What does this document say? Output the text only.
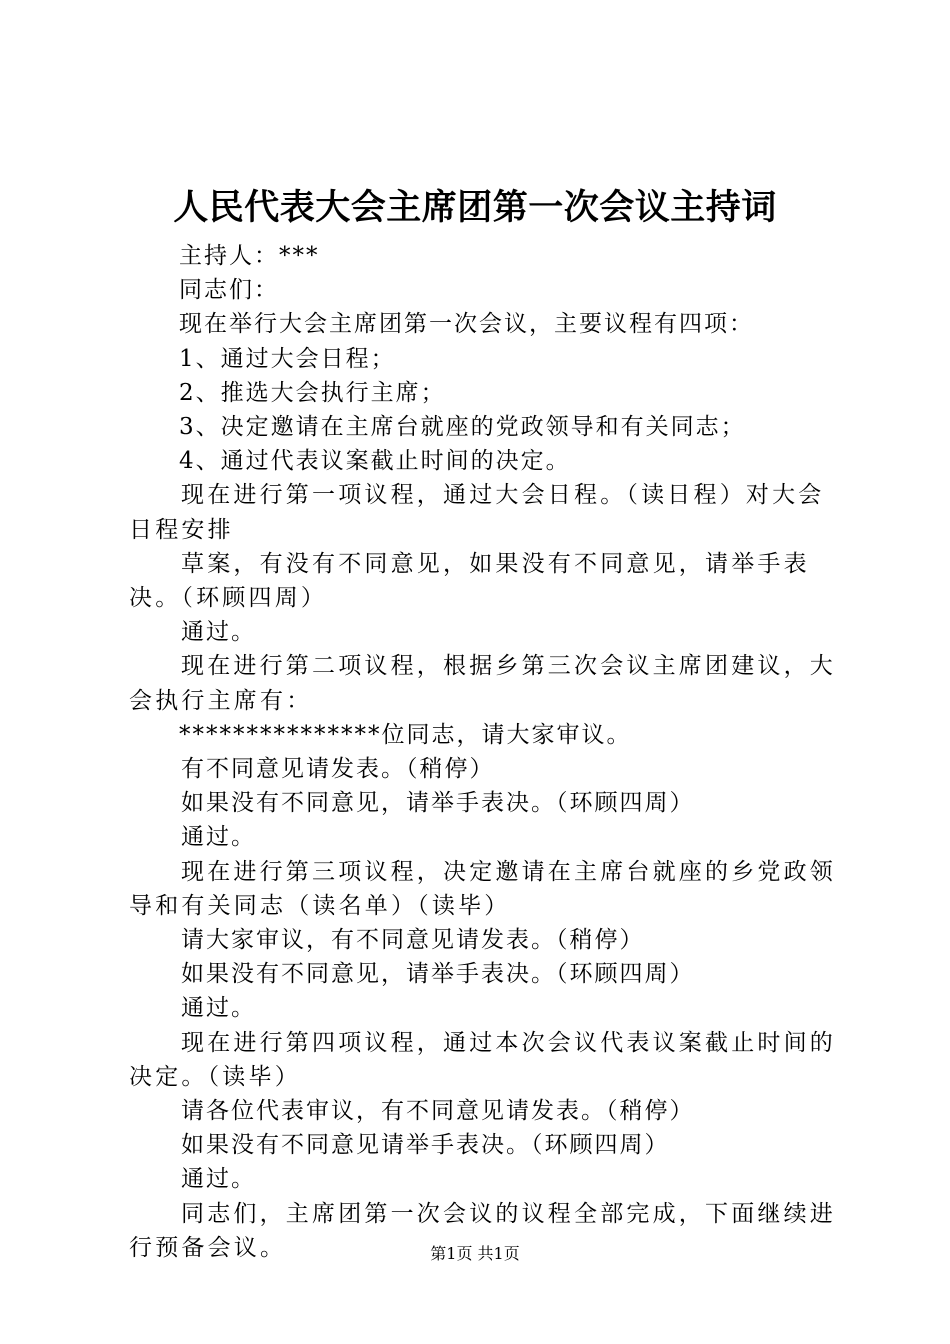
人民代表大会主席团第一次会议主持词

主持人：***

同志们：

现在举行大会主席团第一次会议，主要议程有四项：

1、通过大会日程；

2、推选大会执行主席；

3、决定邀请在主席台就座的党政领导和有关同志；

4、通过代表议案截止时间的决定。

现在进行第一项议程，通过大会日程。（读日程）对大会日程安排

草案，有没有不同意见，如果没有不同意见，请举手表决。（环顾四周）

通过。

现在进行第二项议程，根据乡第三次会议主席团建议，大会执行主席有：

***************位同志，请大家审议。

有不同意见请发表。（稍停）

如果没有不同意见，请举手表决。（环顾四周）

通过。

现在进行第三项议程，决定邀请在主席台就座的乡党政领导和有关同志（读名单）（读毕）

请大家审议，有不同意见请发表。（稍停）

如果没有不同意见，请举手表决。（环顾四周）

通过。

现在进行第四项议程，通过本次会议代表议案截止时间的决定。（读毕）

请各位代表审议，有不同意见请发表。（稍停）

如果没有不同意见请举手表决。（环顾四周）

通过。

同志们，主席团第一次会议的议程全部完成，下面继续进行预备会议。	第1页 共1页
